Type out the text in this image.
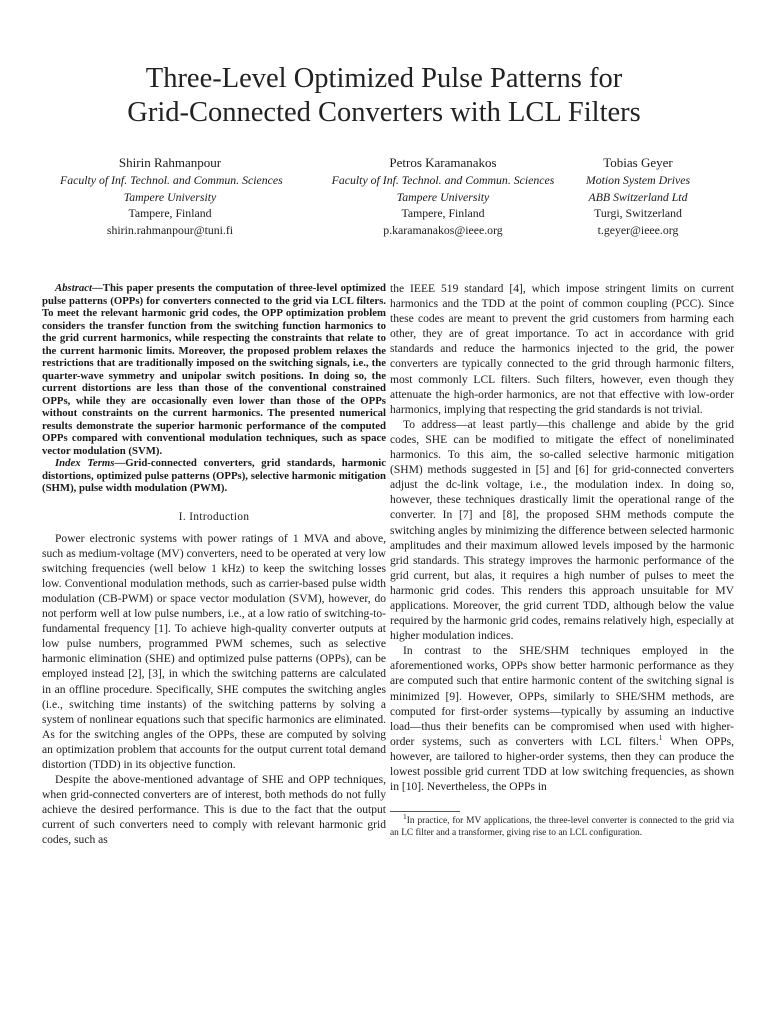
Three-Level Optimized Pulse Patterns for
Grid-Connected Converters with LCL Filters
Shirin Rahmanpour
Faculty of Inf. Technol. and Commun. Sciences
Tampere University
Tampere, Finland
shirin.rahmanpour@tuni.fi
Petros Karamanakos
Faculty of Inf. Technol. and Commun. Sciences
Tampere University
Tampere, Finland
p.karamanakos@ieee.org
Tobias Geyer
Motion System Drives
ABB Switzerland Ltd
Turgi, Switzerland
t.geyer@ieee.org

Abstract—This paper presents the computation of three-level optimized pulse patterns (OPPs) for converters connected to the grid via LCL filters. To meet the relevant harmonic grid codes, the OPP optimization problem considers the transfer function from the switching function harmonics to the grid current harmonics, while respecting the constraints that relate to the current harmonic limits. Moreover, the proposed problem relaxes the restrictions that are traditionally imposed on the switching signals, i.e., the quarter-wave symmetry and unipolar switch positions. In doing so, the current distortions are less than those of the conventional constrained OPPs, while they are occasionally even lower than those of the OPPs without constraints on the current harmonics. The presented numerical results demonstrate the superior harmonic performance of the computed OPPs compared with conventional modulation techniques, such as space vector modulation (SVM).

Index Terms—Grid-connected converters, grid standards, harmonic distortions, optimized pulse patterns (OPPs), selective harmonic mitigation (SHM), pulse width modulation (PWM).

I. Introduction

Power electronic systems with power ratings of 1 MVA and above, such as medium-voltage (MV) converters, need to be operated at very low switching frequencies (well below 1 kHz) to keep the switching losses low. Conventional modulation methods, such as carrier-based pulse width modulation (CB-PWM) or space vector modulation (SVM), however, do not perform well at low pulse numbers, i.e., at a low ratio of switching-to-fundamental frequency [1]. To achieve high-quality converter outputs at low pulse numbers, programmed PWM schemes, such as selective harmonic elimination (SHE) and optimized pulse patterns (OPPs), can be employed instead [2], [3], in which the switching patterns are calculated in an offline procedure. Specifically, SHE computes the switching angles (i.e., switching time instants) of the switching patterns by solving a system of nonlinear equations such that specific harmonics are eliminated. As for the switching angles of the OPPs, these are computed by solving an optimization problem that accounts for the output current total demand distortion (TDD) in its objective function.

Despite the above-mentioned advantage of SHE and OPP techniques, when grid-connected converters are of interest, both methods do not fully achieve the desired performance. This is due to the fact that the output current of such converters need to comply with relevant harmonic grid codes, such as

the IEEE 519 standard [4], which impose stringent limits on current harmonics and the TDD at the point of common coupling (PCC). Since these codes are meant to prevent the grid customers from harming each other, they are of great importance. To act in accordance with grid standards and reduce the harmonics injected to the grid, the power converters are typically connected to the grid through harmonic filters, most commonly LCL filters. Such filters, however, even though they attenuate the high-order harmonics, are not that effective with low-order harmonics, implying that respecting the grid standards is not trivial.

To address—at least partly—this challenge and abide by the grid codes, SHE can be modified to mitigate the effect of noneliminated harmonics. To this aim, the so-called selective harmonic mitigation (SHM) methods suggested in [5] and [6] for grid-connected converters adjust the dc-link voltage, i.e., the modulation index. In doing so, however, these techniques drastically limit the operational range of the converter. In [7] and [8], the proposed SHM methods compute the switching angles by minimizing the difference between selected harmonic amplitudes and their maximum allowed levels imposed by the harmonic grid standards. This strategy improves the harmonic performance of the grid current, but alas, it requires a high number of pulses to meet the harmonic grid codes. This renders this approach unsuitable for MV applications. Moreover, the grid current TDD, although below the value required by the harmonic grid codes, remains relatively high, especially at higher modulation indices.

In contrast to the SHE/SHM techniques employed in the aforementioned works, OPPs show better harmonic performance as they are computed such that entire harmonic content of the switching signal is minimized [9]. However, OPPs, similarly to SHE/SHM methods, are computed for first-order systems—typically by assuming an inductive load—thus their benefits can be compromised when used with higher-order systems, such as converters with LCL filters.$^1$ When OPPs, however, are tailored to higher-order systems, then they can produce the lowest possible grid current TDD at low switching frequencies, as shown in [10]. Nevertheless, the OPPs in

$^1$In practice, for MV applications, the three-level converter is connected to the grid via an LC filter and a transformer, giving rise to an LCL configuration.
